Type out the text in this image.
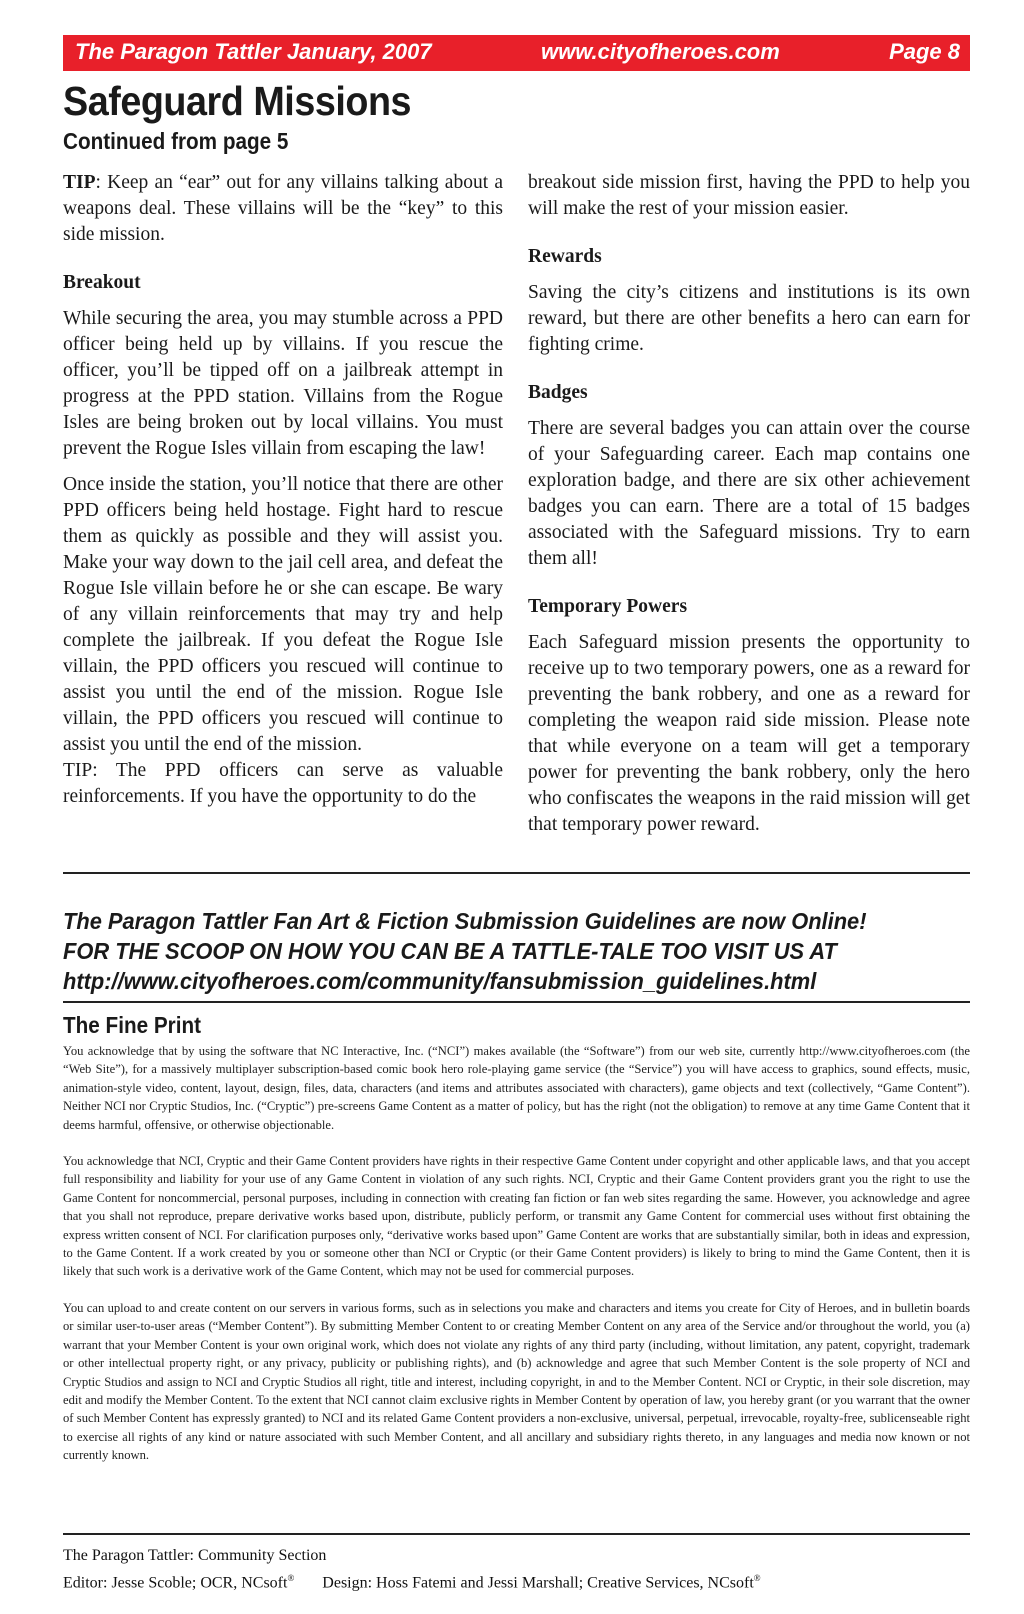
The Paragon Tattler January, 2007	www.cityofheroes.com	Page 8
Safeguard Missions
Continued from page 5

TIP: Keep an “ear” out for any villains talking about a weapons deal. These villains will be the “key” to this side mission.

Breakout

While securing the area, you may stumble across a PPD officer being held up by villains. If you rescue the officer, you’ll be tipped off on a jailbreak attempt in progress at the PPD station. Villains from the Rogue Isles are being broken out by local villains. You must prevent the Rogue Isles villain from escaping the law!

Once inside the station, you’ll notice that there are other PPD officers being held hostage. Fight hard to rescue them as quickly as possible and they will assist you. Make your way down to the jail cell area, and defeat the Rogue Isle villain before he or she can escape. Be wary of any villain reinforcements that may try and help complete the jailbreak. If you defeat the Rogue Isle villain, the PPD officers you rescued will continue to assist you until the end of the mission. Rogue Isle villain, the PPD officers you rescued will continue to assist you until the end of the mission.

TIP: The PPD officers can serve as valuable reinforcements. If you have the opportunity to do the

breakout side mission first, having the PPD to help you will make the rest of your mission easier.

Rewards

Saving the city’s citizens and institutions is its own reward, but there are other benefits a hero can earn for fighting crime.

Badges

There are several badges you can attain over the course of your Safeguarding career. Each map contains one exploration badge, and there are six other achievement badges you can earn. There are a total of 15 badges associated with the Safeguard missions. Try to earn them all!

Temporary Powers

Each Safeguard mission presents the opportunity to receive up to two temporary powers, one as a reward for preventing the bank robbery, and one as a reward for completing the weapon raid side mission. Please note that while everyone on a team will get a temporary power for preventing the bank robbery, only the hero who confiscates the weapons in the raid mission will get that temporary power reward.

The Paragon Tattler Fan Art & Fiction Submission Guidelines are now Online!
FOR THE SCOOP ON HOW YOU CAN BE A TATTLE-TALE TOO VISIT US AT
http://www.cityofheroes.com/community/fansubmission_guidelines.html
The Fine Print

You acknowledge that by using the software that NC Interactive, Inc. (“NCI”) makes available (the “Software”) from our web site, currently http://www.cityofheroes.com (the “Web Site”), for a massively multiplayer subscription-based comic book hero role-playing game service (the “Service”) you will have access to graphics, sound effects, music, animation-style video, content, layout, design, files, data, characters (and items and attributes associated with characters), game objects and text (collectively, “Game Content”). Neither NCI nor Cryptic Studios, Inc. (“Cryptic”) pre-screens Game Content as a matter of policy, but has the right (not the obligation) to remove at any time Game Content that it deems harmful, offensive, or otherwise objectionable.

You acknowledge that NCI, Cryptic and their Game Content providers have rights in their respective Game Content under copyright and other applicable laws, and that you accept full responsibility and liability for your use of any Game Content in violation of any such rights. NCI, Cryptic and their Game Content providers grant you the right to use the Game Content for noncommercial, personal purposes, including in connection with creating fan fiction or fan web sites regarding the same. However, you acknowledge and agree that you shall not reproduce, prepare derivative works based upon, distribute, publicly perform, or transmit any Game Content for commercial uses without first obtaining the express written consent of NCI. For clarification purposes only, “derivative works based upon” Game Content are works that are substantially similar, both in ideas and expression, to the Game Content. If a work created by you or someone other than NCI or Cryptic (or their Game Content providers) is likely to bring to mind the Game Content, then it is likely that such work is a derivative work of the Game Content, which may not be used for commercial purposes.

You can upload to and create content on our servers in various forms, such as in selections you make and characters and items you create for City of Heroes, and in bulletin boards or similar user-to-user areas (“Member Content”). By submitting Member Content to or creating Member Content on any area of the Service and/or throughout the world, you (a) warrant that your Member Content is your own original work, which does not violate any rights of any third party (including, without limitation, any patent, copyright, trademark or other intellectual property right, or any privacy, publicity or publishing rights), and (b) acknowledge and agree that such Member Content is the sole property of NCI and Cryptic Studios and assign to NCI and Cryptic Studios all right, title and interest, including copyright, in and to the Member Content. NCI or Cryptic, in their sole discretion, may edit and modify the Member Content. To the extent that NCI cannot claim exclusive rights in Member Content by operation of law, you hereby grant (or you warrant that the owner of such Member Content has expressly granted) to NCI and its related Game Content providers a non-exclusive, universal, perpetual, irrevocable, royalty-free, sublicenseable right to exercise all rights of any kind or nature associated with such Member Content, and all ancillary and subsidiary rights thereto, in any languages and media now known or not currently known.

The Paragon Tattler: Community Section
Editor: Jesse Scoble; OCR, NCsoft® Design: Hoss Fatemi and Jessi Marshall; Creative Services, NCsoft®
